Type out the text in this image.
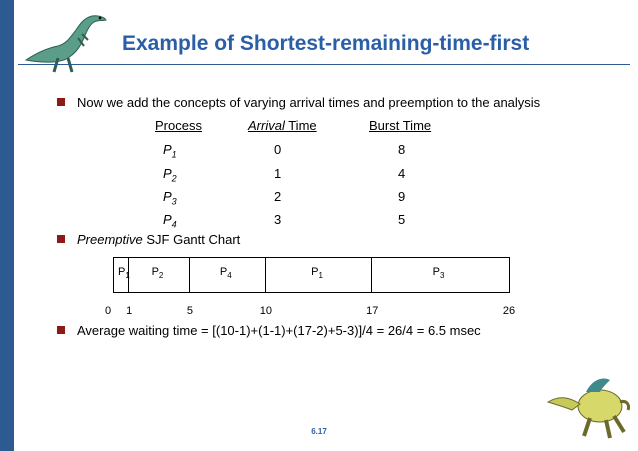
Example of Shortest-remaining-time-first
Now we add the concepts of varying arrival times and preemption to the analysis
Process	Arrival Time	Burst Time
$P_1$	0	8
$P_2$	1	4
$P_3$	2	9
$P_4$	3	5
Preemptive SJF Gantt Chart
$P_1$ $P_2$	$P_4$	$P_1$	$P_3$
0 1	5	10	17	26
Average waiting time = [(10-1)+(1-1)+(17-2)+5-3)]/4 = 26/4 = 6.5 msec
6.17
